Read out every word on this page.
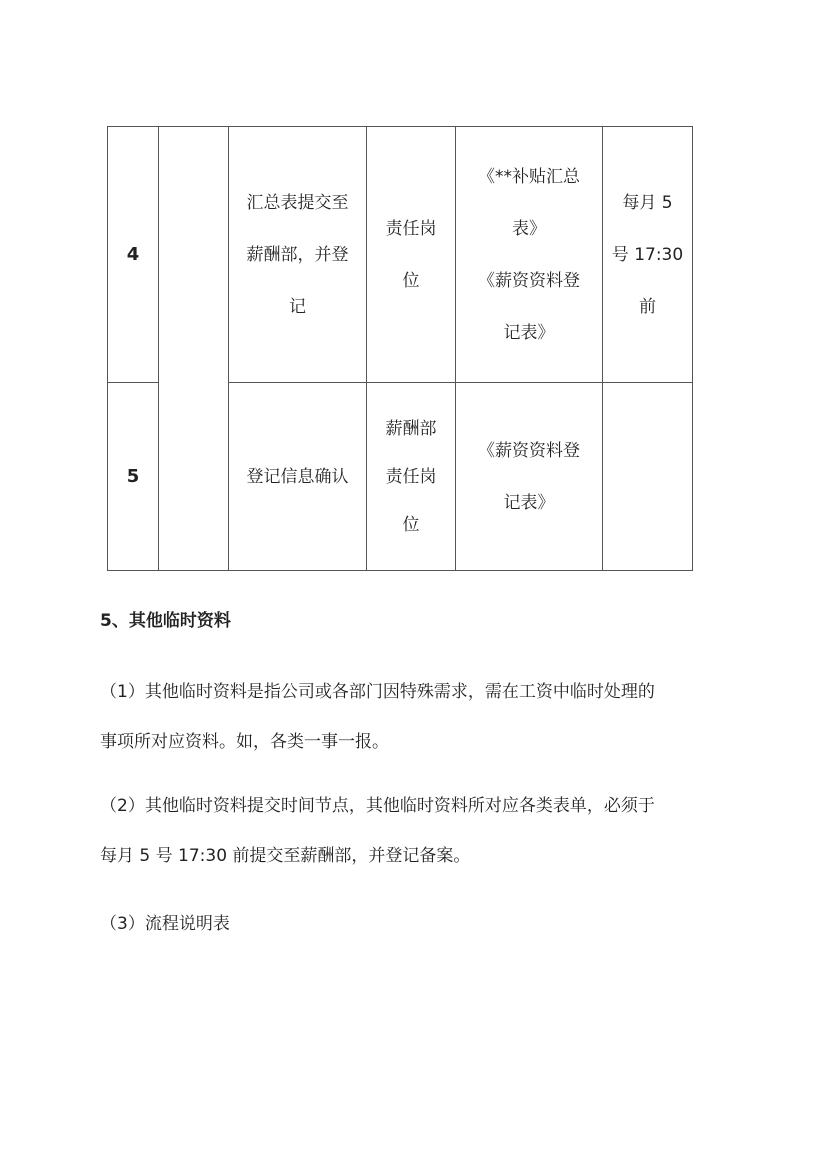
4		汇总表提交至
薪酬部，并登
记	责任岗
位	《**补贴汇总
表》
《薪资资料登
记表》	每月 5
号 17:30
前

5		登记信息确认	薪酬部
责任岗
位	《薪资资料登
记表》	

5、其他临时资料
（1）其他临时资料是指公司或各部门因特殊需求，需在工资中临时处理的
事项所对应资料。如，各类一事一报。
（2）其他临时资料提交时间节点，其他临时资料所对应各类表单，必须于
每月 5 号 17:30 前提交至薪酬部，并登记备案。
（3）流程说明表
